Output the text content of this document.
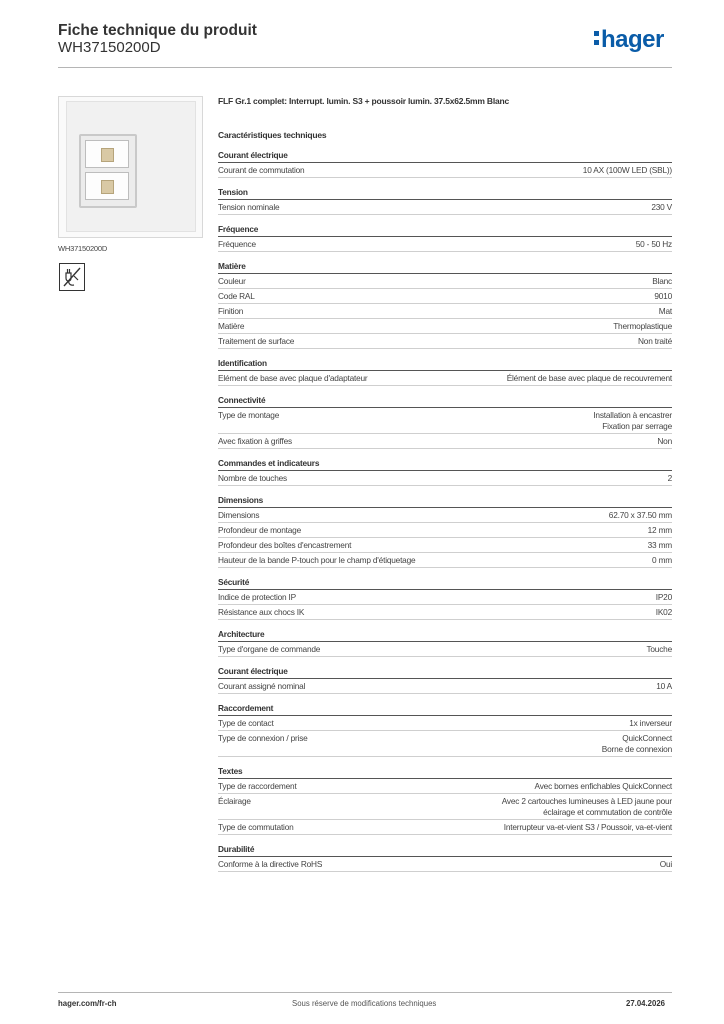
Fiche technique du produit
WH37150200D	hager
WH37150200D
FLF Gr.1 complet: Interrupt. lumin. S3 + poussoir lumin. 37.5x62.5mm Blanc
Caractéristiques techniques
Courant électrique
Courant de commutation	10 AX (100W LED (SBL))
Tension
Tension nominale	230 V
Fréquence
Fréquence	50 - 50 Hz
Matière
Couleur	Blanc
Code RAL	9010
Finition	Mat
Matière	Thermoplastique
Traitement de surface	Non traité
Identification
Elément de base avec plaque d'adaptateur	Élément de base avec plaque de recouvrement
Connectivité
Type de montage	Installation à encastrer
Fixation par serrage
Avec fixation à griffes	Non
Commandes et indicateurs
Nombre de touches	2
Dimensions
Dimensions	62.70 x 37.50 mm
Profondeur de montage	12 mm
Profondeur des boîtes d'encastrement	33 mm
Hauteur de la bande P-touch pour le champ d'étiquetage	0 mm
Sécurité
Indice de protection IP	IP20
Résistance aux chocs IK	IK02
Architecture
Type d'organe de commande	Touche
Courant électrique
Courant assigné nominal	10 A
Raccordement
Type de contact	1x inverseur
Type de connexion / prise	QuickConnect
Borne de connexion
Textes
Type de raccordement	Avec bornes enfichables QuickConnect
Éclairage	Avec 2 cartouches lumineuses à LED jaune pour
éclairage et commutation de contrôle
Type de commutation	Interrupteur va-et-vient S3 / Poussoir, va-et-vient
Durabilité
Conforme à la directive RoHS	Oui
hager.com/fr-ch	Sous réserve de modifications techniques	27.04.2026
